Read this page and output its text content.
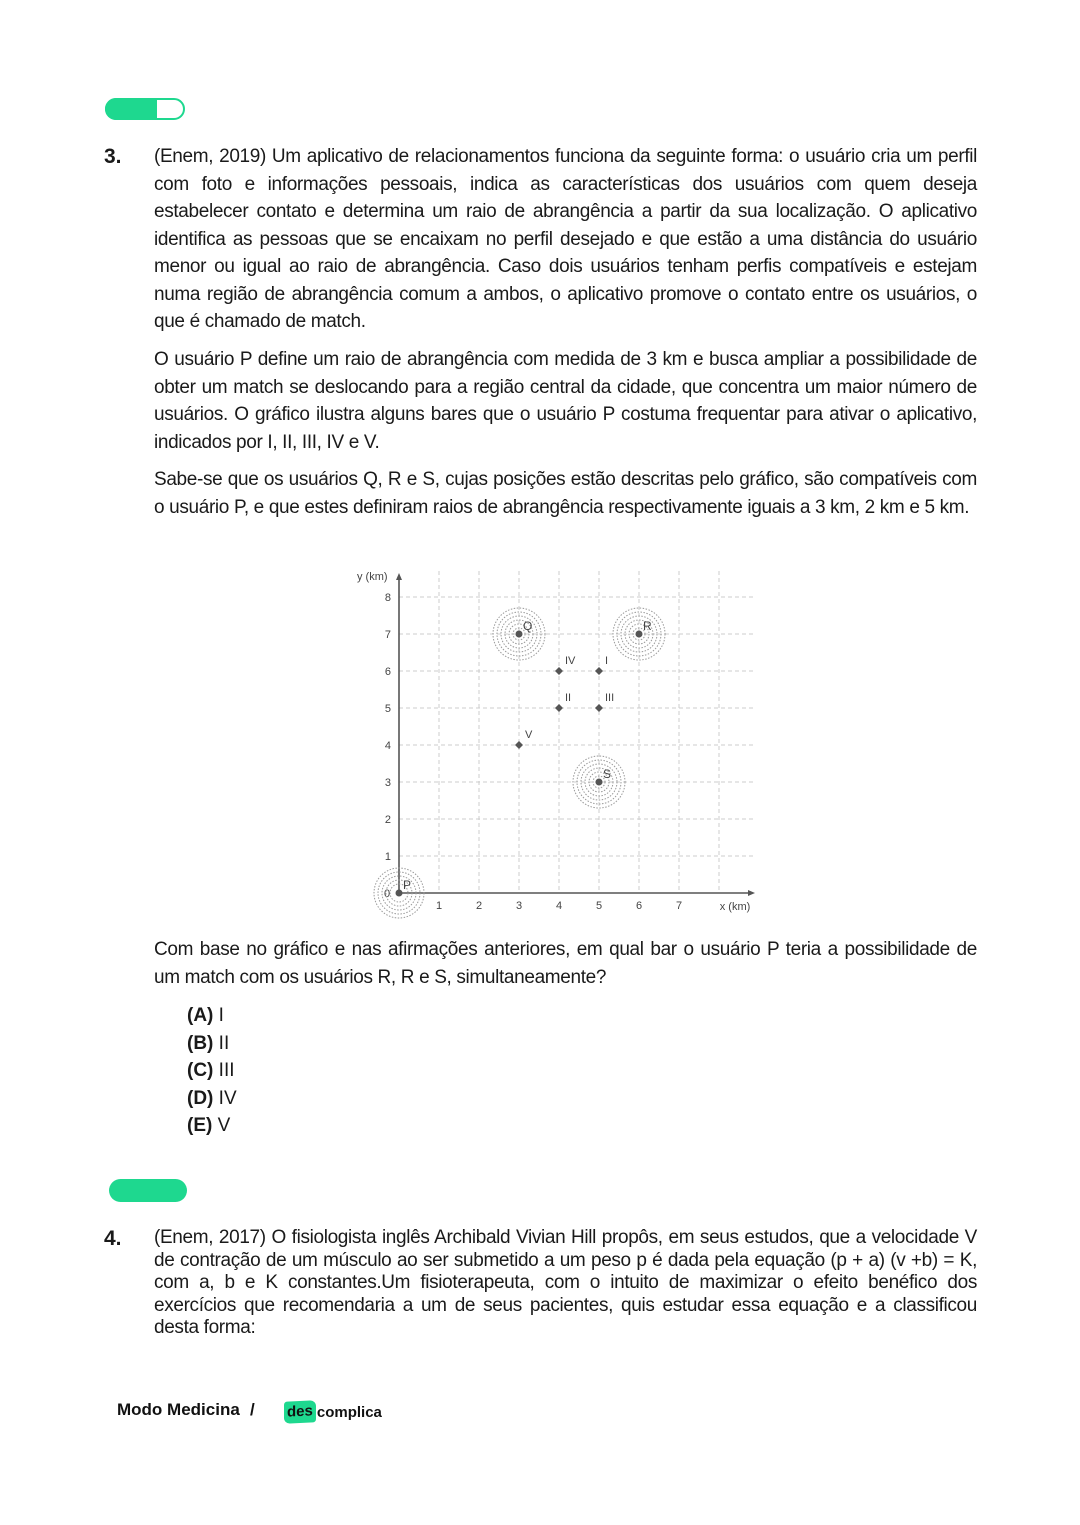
3. (Enem, 2019) Um aplicativo de relacionamentos funciona da seguinte forma: o usuário cria um perfil com foto e informações pessoais, indica as características dos usuários com quem deseja estabelecer contato e determina um raio de abrangência a partir da sua localização. O aplicativo identifica as pessoas que se encaixam no perfil desejado e que estão a uma distância do usuário menor ou igual ao raio de abrangência. Caso dois usuários tenham perfis compatíveis e estejam numa região de abrangência comum a ambos, o aplicativo promove o contato entre os usuários, o que é chamado de match.
O usuário P define um raio de abrangência com medida de 3 km e busca ampliar a possibilidade de obter um match se deslocando para a região central da cidade, que concentra um maior número de usuários. O gráfico ilustra alguns bares que o usuário P costuma frequentar para ativar o aplicativo, indicados por I, II, III, IV e V.
Sabe-se que os usuários Q, R e S, cujas posições estão descritas pelo gráfico, são compatíveis com o usuário P, e que estes definiram raios de abrangência respectivamente iguais a 3 km, 2 km e 5 km.
1	2	3	4	5	6	7
1
2
3
4
5
6
7
8
0
x (km)
y (km)
P
Q	R
S
I
II	III
IV
V
Com base no gráfico e nas afirmações anteriores, em qual bar o usuário P teria a possibilidade de um match com os usuários R, R e S, simultaneamente?
(A) I
(B) II
(C) III
(D) IV
(E) V
4. (Enem, 2017) O fisiologista inglês Archibald Vivian Hill propôs, em seus estudos, que a velocidade V de contração de um músculo ao ser submetido a um peso p é dada pela equação (p + a) (v +b) = K, com a, b e K constantes.Um fisioterapeuta, com o intuito de maximizar o efeito benéfico dos exercícios que recomendaria a um de seus pacientes, quis estudar essa equação e a classificou desta forma:
Modo Medicina / des complica
